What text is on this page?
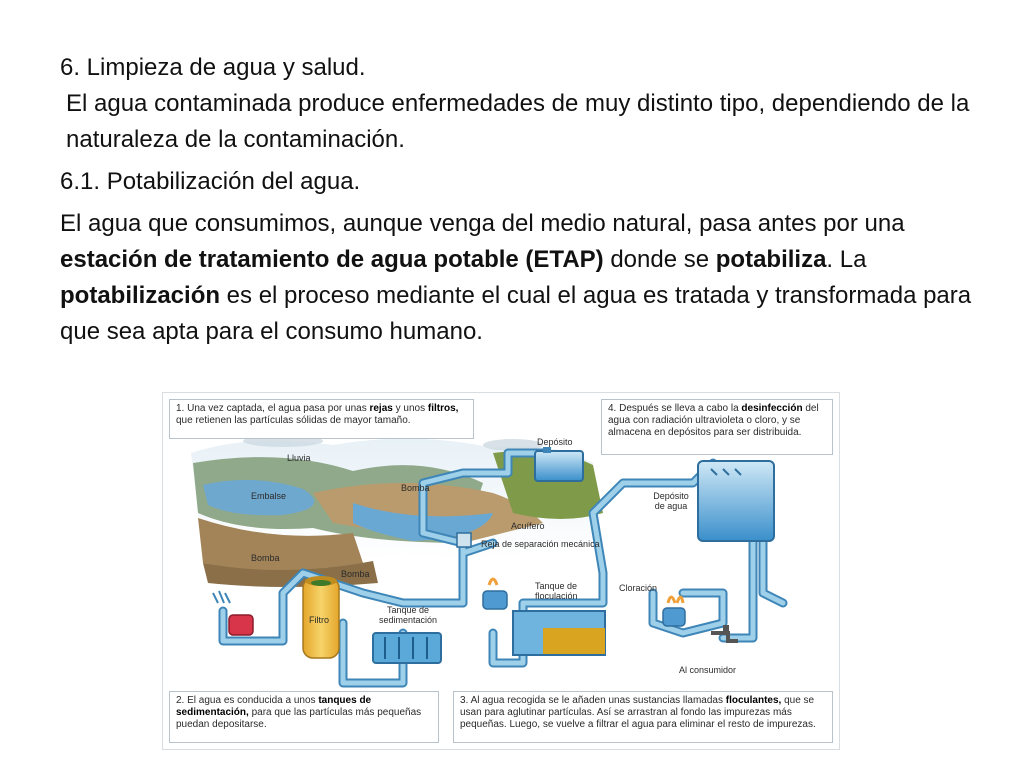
6. Limpieza de agua y salud.

El agua contaminada produce enfermedades de muy distinto tipo, dependiendo de la naturaleza de la contaminación.

6.1. Potabilización del agua.

El agua que consumimos, aunque venga del medio natural, pasa antes por una estación de tratamiento de agua potable (ETAP) donde se potabiliza. La potabilización es el proceso mediante el cual el agua es tratada y transformada para que sea apta para el consumo humano.

1. Una vez captada, el agua pasa por unas rejas y unos filtros, que retienen las partículas sólidas de mayor tamaño.
4. Después se lleva a cabo la desinfección del agua con radiación ultravioleta o cloro, y se almacena en depósitos para ser distribuida.
2. El agua es conducida a unos tanques de sedimentación, para que las partículas más pequeñas puedan depositarse.
3. Al agua recogida se le añaden unas sustancias llamadas floculantes, que se usan para aglutinar partículas. Así se arrastran al fondo las impurezas más pequeñas. Luego, se vuelve a filtrar el agua para eliminar el resto de impurezas.
Lluvia
Embalse
Bomba
Depósito
Acuífero
Reja de separación mecánica
Bomba
Bomba
Filtro
Tanque de
sedimentación
Tanque de
floculación
Cloración
Depósito
de agua
Al consumidor
